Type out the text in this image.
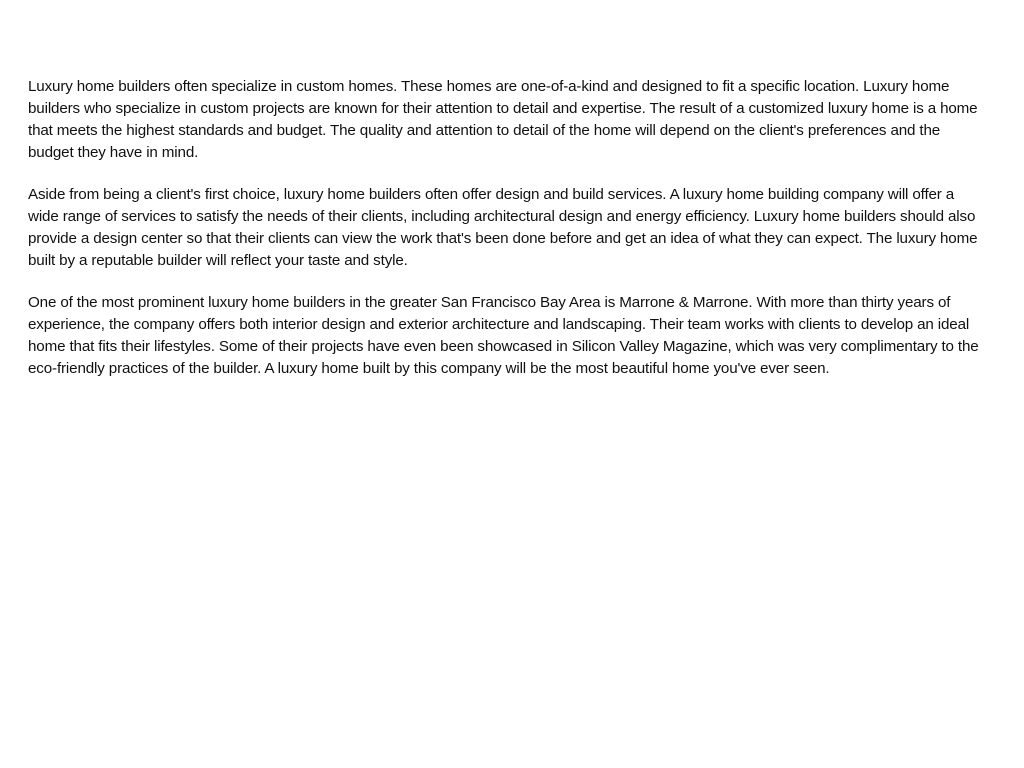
Luxury home builders often specialize in custom homes. These homes are one-of-a-kind and designed to fit a specific location. Luxury home builders who specialize in custom projects are known for their attention to detail and expertise. The result of a customized luxury home is a home that meets the highest standards and budget. The quality and attention to detail of the home will depend on the client's preferences and the budget they have in mind.

Aside from being a client's first choice, luxury home builders often offer design and build services. A luxury home building company will offer a wide range of services to satisfy the needs of their clients, including architectural design and energy efficiency. Luxury home builders should also provide a design center so that their clients can view the work that's been done before and get an idea of what they can expect. The luxury home built by a reputable builder will reflect your taste and style.

One of the most prominent luxury home builders in the greater San Francisco Bay Area is Marrone & Marrone. With more than thirty years of experience, the company offers both interior design and exterior architecture and landscaping. Their team works with clients to develop an ideal home that fits their lifestyles. Some of their projects have even been showcased in Silicon Valley Magazine, which was very complimentary to the eco-friendly practices of the builder. A luxury home built by this company will be the most beautiful home you've ever seen.
